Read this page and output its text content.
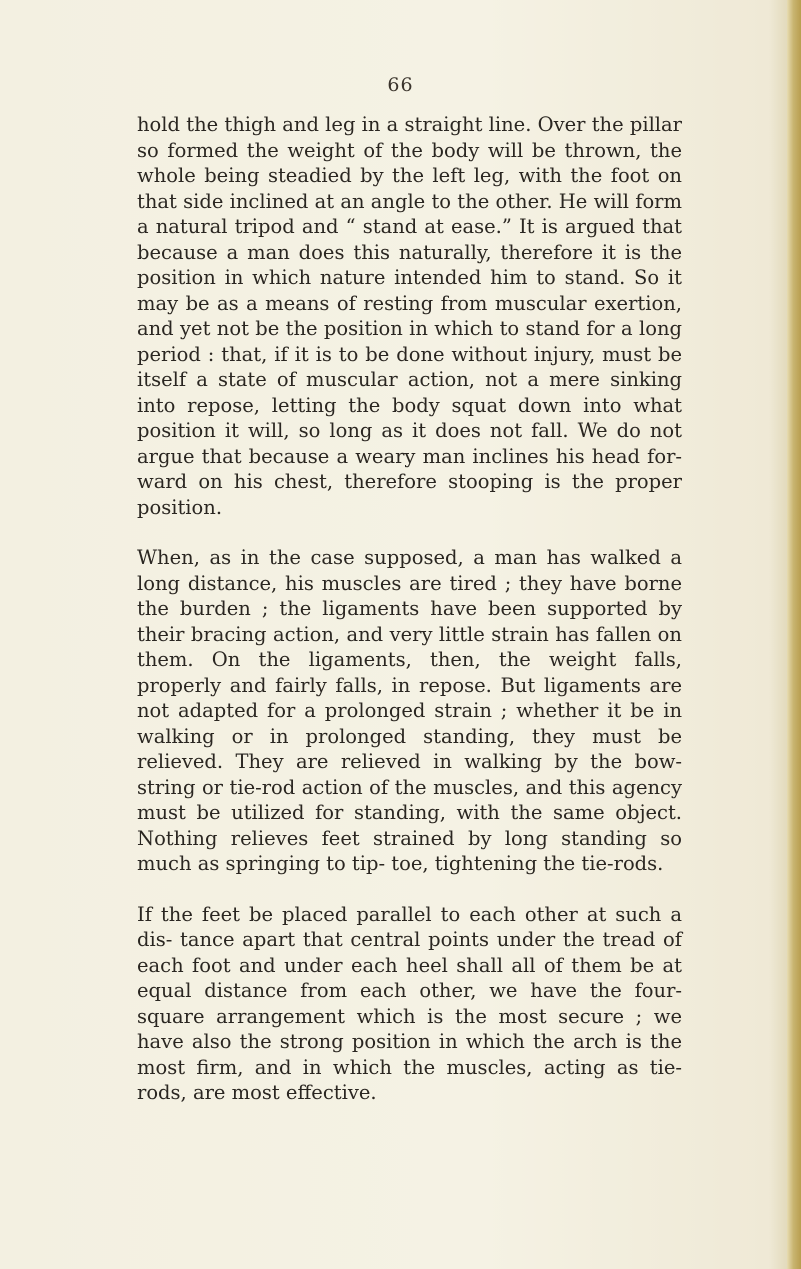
66

hold the thigh and leg in a straight line. Over the pillar so formed the weight of the body will be thrown, the whole being steadied by the left leg, with the foot on that side inclined at an angle to the other. He will form a natural tripod and “ stand at ease.” It is argued that because a man does this naturally, therefore it is the position in which nature intended him to stand. So it may be as a means of resting from muscular exertion, and yet not be the position in which to stand for a long period : that, if it is to be done without injury, must be itself a state of muscular action, not a mere sinking into repose, letting the body squat down into what position it will, so long as it does not fall. We do not argue that because a weary man inclines his head for- ward on his chest, therefore stooping is the proper position.

When, as in the case supposed, a man has walked a long distance, his muscles are tired ; they have borne the burden ; the ligaments have been supported by their bracing action, and very little strain has fallen on them. On the ligaments, then, the weight falls, properly and fairly falls, in repose. But ligaments are not adapted for a prolonged strain ; whether it be in walking or in prolonged standing, they must be relieved. They are relieved in walking by the bow-string or tie-rod action of the muscles, and this agency must be utilized for standing, with the same object. Nothing relieves feet strained by long standing so much as springing to tip- toe, tightening the tie-rods.

If the feet be placed parallel to each other at such a dis- tance apart that central points under the tread of each foot and under each heel shall all of them be at equal distance from each other, we have the four-square arrangement which is the most secure ; we have also the strong position in which the arch is the most firm, and in which the muscles, acting as tie-rods, are most effective.
